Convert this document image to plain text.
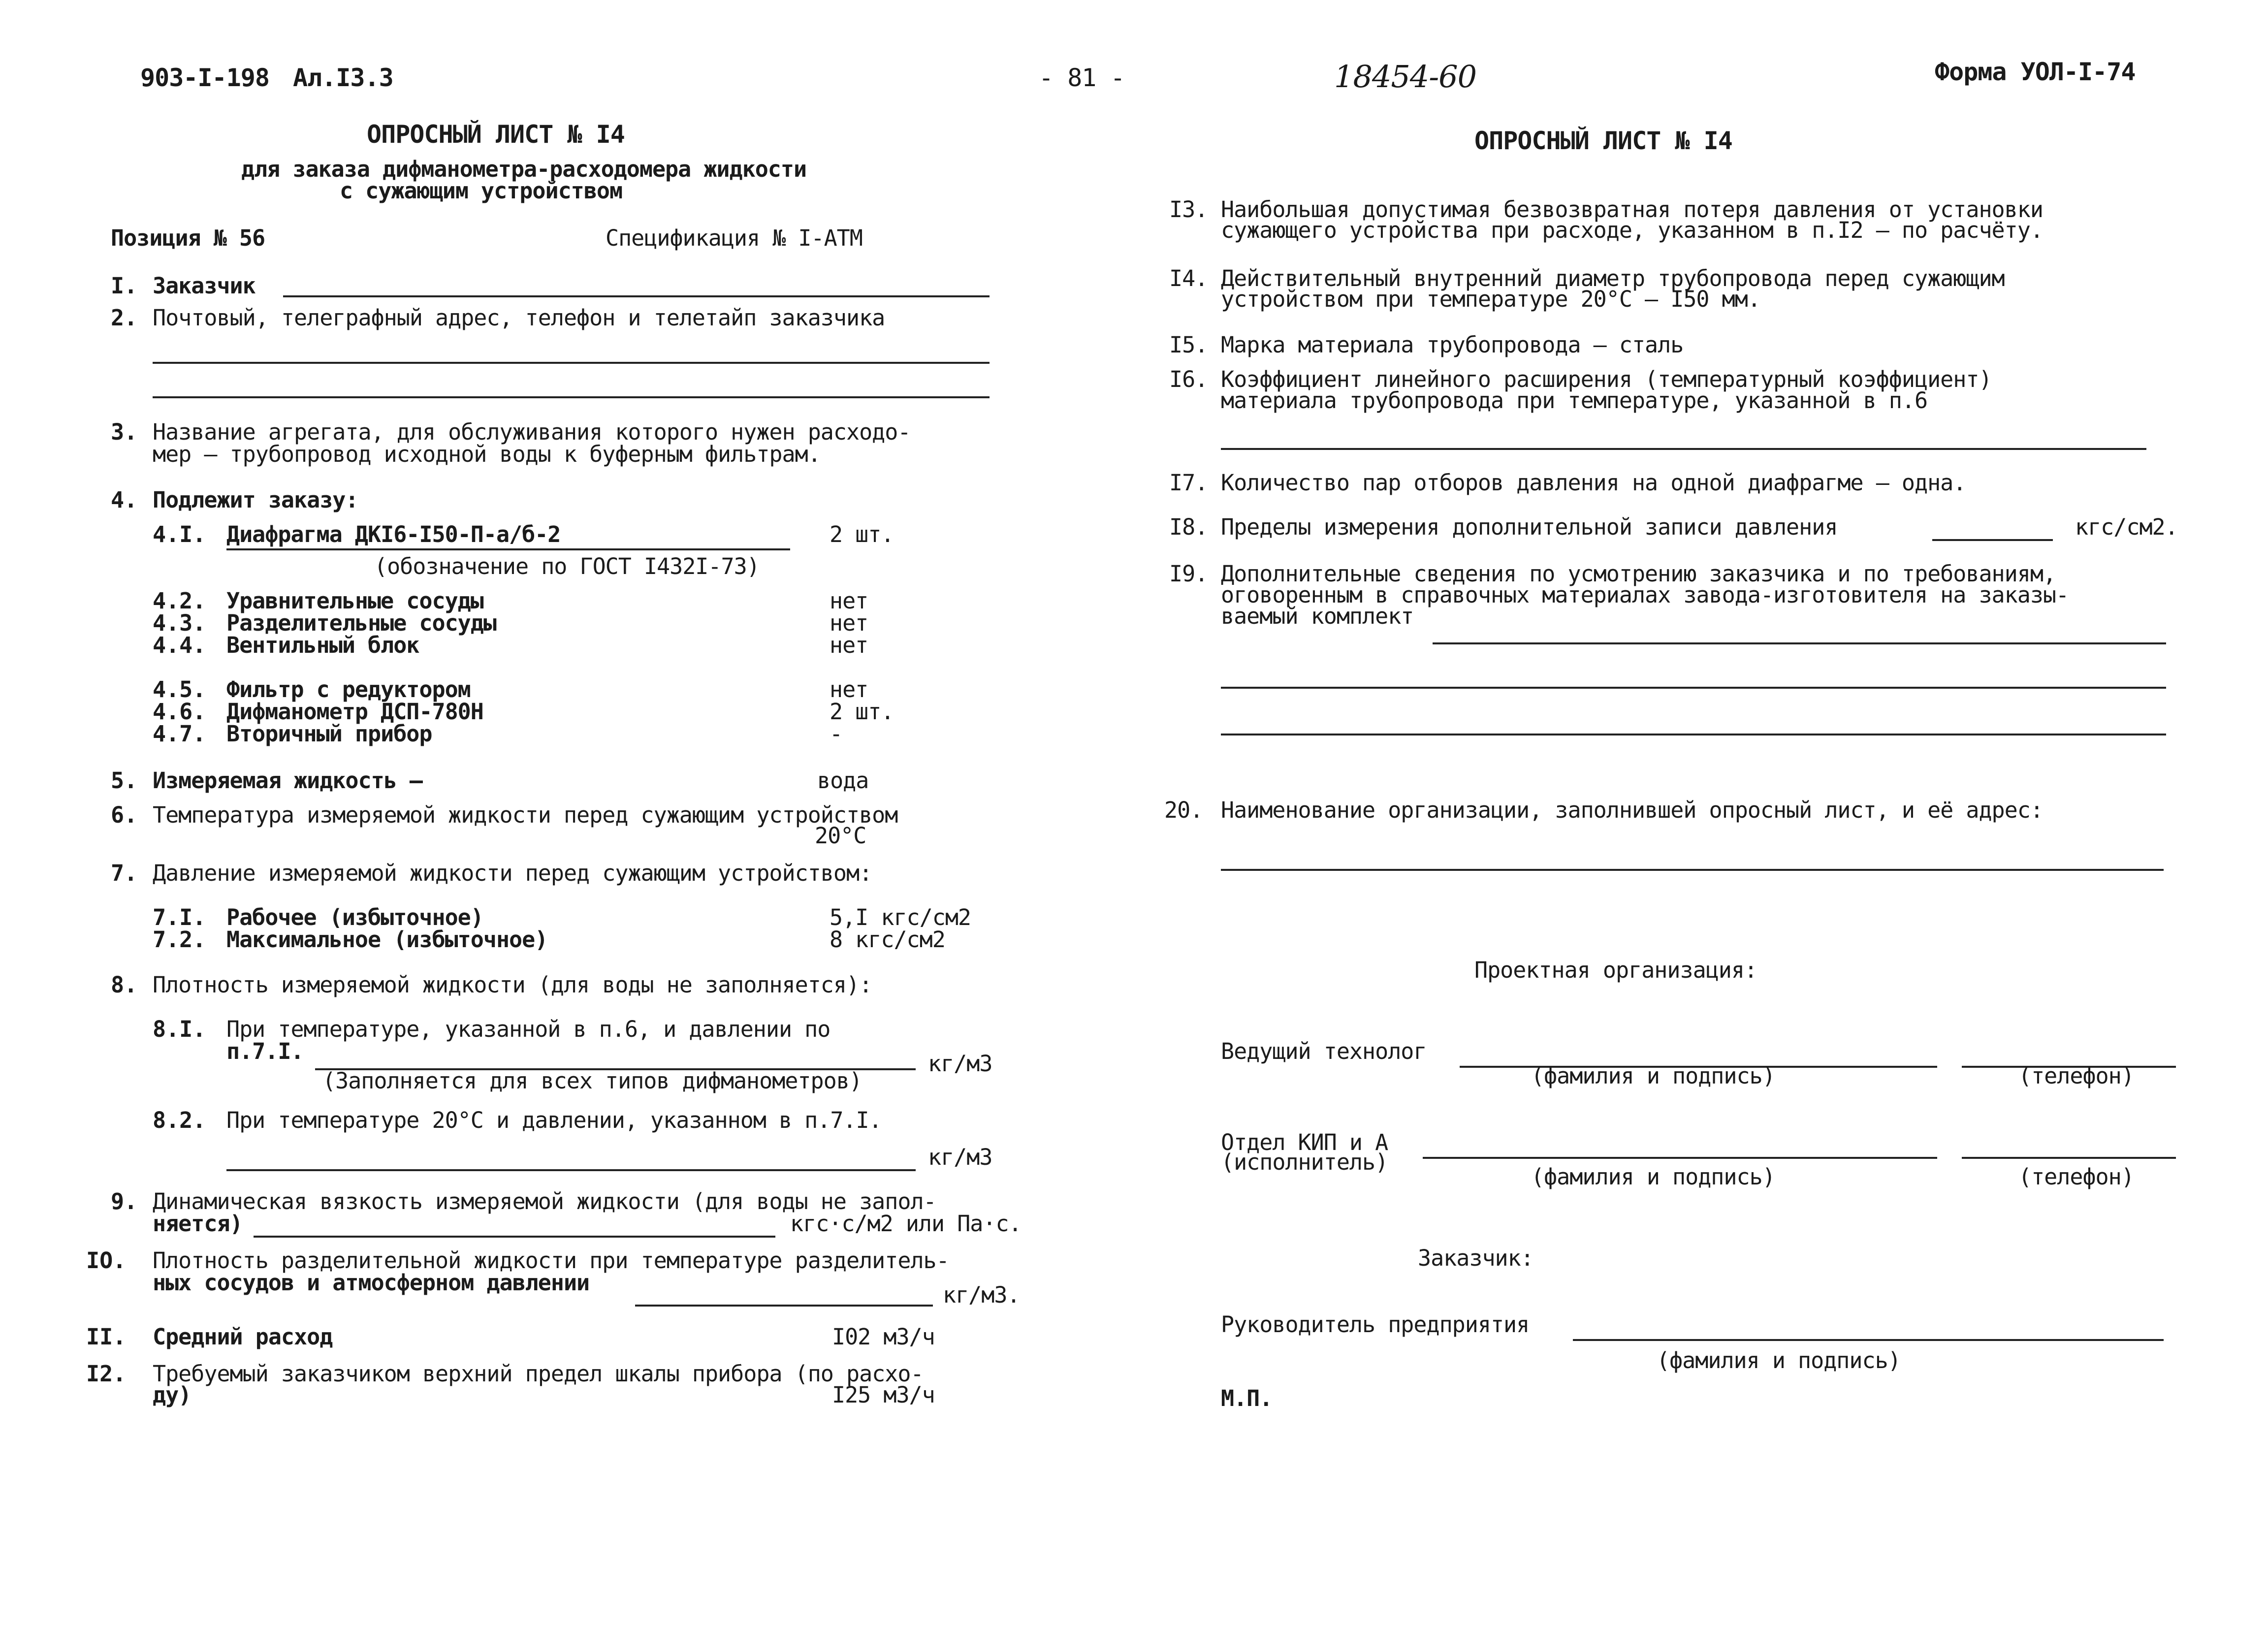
903-I-198 Ал.I3.3	- 81 -	18454-60	Форма УОЛ-I-74
ОПРОСНЫЙ ЛИСТ № I4
для заказа дифманометра-расходомера жидкости
с сужающим устройством
Позиция № 56	Спецификация № I-АТМ
I. Заказчик
2. Почтовый, телеграфный адрес, телефон и телетайп заказчика
3. Название агрегата, для обслуживания которого нужен расходо-
мер – трубопровод исходной воды к буферным фильтрам.
4. Подлежит заказу:
4.I. Диафрагма ДКI6-I50-П-а/б-2	2 шт.
(обозначение по ГОСТ I432I-73)
4.2. Уравнительные сосуды	нет
4.3. Разделительные сосуды	нет
4.4. Вентильный блок	нет
4.5. Фильтр с редуктором	нет
4.6. Дифманометр ДСП-780Н	2 шт.
4.7. Вторичный прибор	-
5. Измеряемая жидкость –	вода
6. Температура измеряемой жидкости перед сужающим устройством
20°С
7. Давление измеряемой жидкости перед сужающим устройством:
7.I. Рабочее (избыточное)	5,I кгс/см2
7.2. Максимальное (избыточное)	8 кгс/см2
8. Плотность измеряемой жидкости (для воды не заполняется):
8.I. При температуре, указанной в п.6, и давлении по
п.7.I.	кг/м3
(Заполняется для всех типов дифманометров)
8.2. При температуре 20°С и давлении, указанном в п.7.I.
кг/м3
9. Динамическая вязкость измеряемой жидкости (для воды не запол-
няется)	кгс·с/м2 или Па·с.
IO. Плотность разделительной жидкости при температуре разделитель-
ных сосудов и атмосферном давлении	кг/м3.
II. Средний расход	I02 м3/ч
I2. Требуемый заказчиком верхний предел шкалы прибора (по расхо-
ду)	I25 м3/ч
ОПРОСНЫЙ ЛИСТ № I4
I3. Наибольшая допустимая безвозвратная потеря давления от установки
сужающего устройства при расходе, указанном в п.I2 – по расчёту.
I4. Действительный внутренний диаметр трубопровода перед сужающим
устройством при температуре 20°С – I50 мм.
I5. Марка материала трубопровода – сталь
I6. Коэффициент линейного расширения (температурный коэффициент)
материала трубопровода при температуре, указанной в п.6
I7. Количество пар отборов давления на одной диафрагме – одна.
I8. Пределы измерения дополнительной записи давления	кгс/см2.
I9. Дополнительные сведения по усмотрению заказчика и по требованиям,
оговоренным в справочных материалах завода-изготовителя на заказы-
ваемый комплект
20. Наименование организации, заполнившей опросный лист, и её адрес:
Проектная организация:
Ведущий технолог
(фамилия и подпись)	(телефон)
Отдел КИП и А
(исполнитель)
(фамилия и подпись)	(телефон)
Заказчик:
Руководитель предприятия
(фамилия и подпись)
М.П.
